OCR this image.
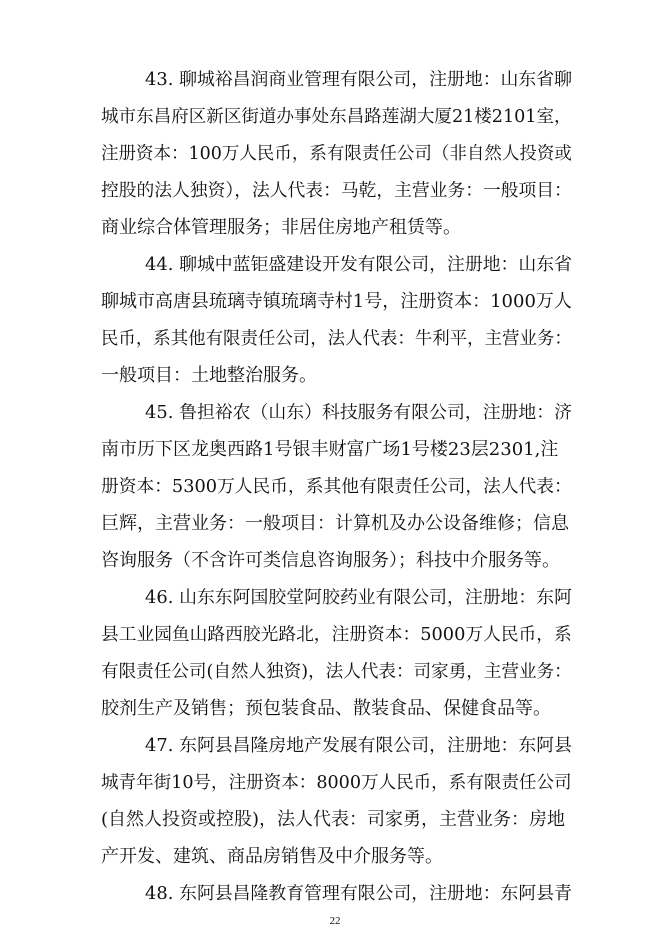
43. 聊城裕昌润商业管理有限公司，注册地：山东省聊
城市东昌府区新区街道办事处东昌路莲湖大厦21楼2101室，
注册资本：100万人民币，系有限责任公司（非自然人投资或
控股的法人独资），法人代表：马乾，主营业务：一般项目：
商业综合体管理服务；非居住房地产租赁等。
44. 聊城中蓝钜盛建设开发有限公司，注册地：山东省
聊城市高唐县琉璃寺镇琉璃寺村1号，注册资本：1000万人
民币，系其他有限责任公司，法人代表：牛利平，主营业务：
一般项目：土地整治服务。
45. 鲁担裕农（山东）科技服务有限公司，注册地：济
南市历下区龙奥西路1号银丰财富广场1号楼23层2301,注
册资本：5300万人民币，系其他有限责任公司，法人代表：
巨辉，主营业务：一般项目：计算机及办公设备维修；信息
咨询服务（不含许可类信息咨询服务）；科技中介服务等。
46. 山东东阿国胶堂阿胶药业有限公司，注册地：东阿
县工业园鱼山路西胶光路北，注册资本：5000万人民币，系
有限责任公司(自然人独资)，法人代表：司家勇，主营业务：
胶剂生产及销售；预包装食品、散装食品、保健食品等。
47. 东阿县昌隆房地产发展有限公司，注册地：东阿县
城青年街10号，注册资本：8000万人民币，系有限责任公司
(自然人投资或控股)，法人代表：司家勇，主营业务：房地
产开发、建筑、商品房销售及中介服务等。
48. 东阿县昌隆教育管理有限公司，注册地：东阿县青
22
